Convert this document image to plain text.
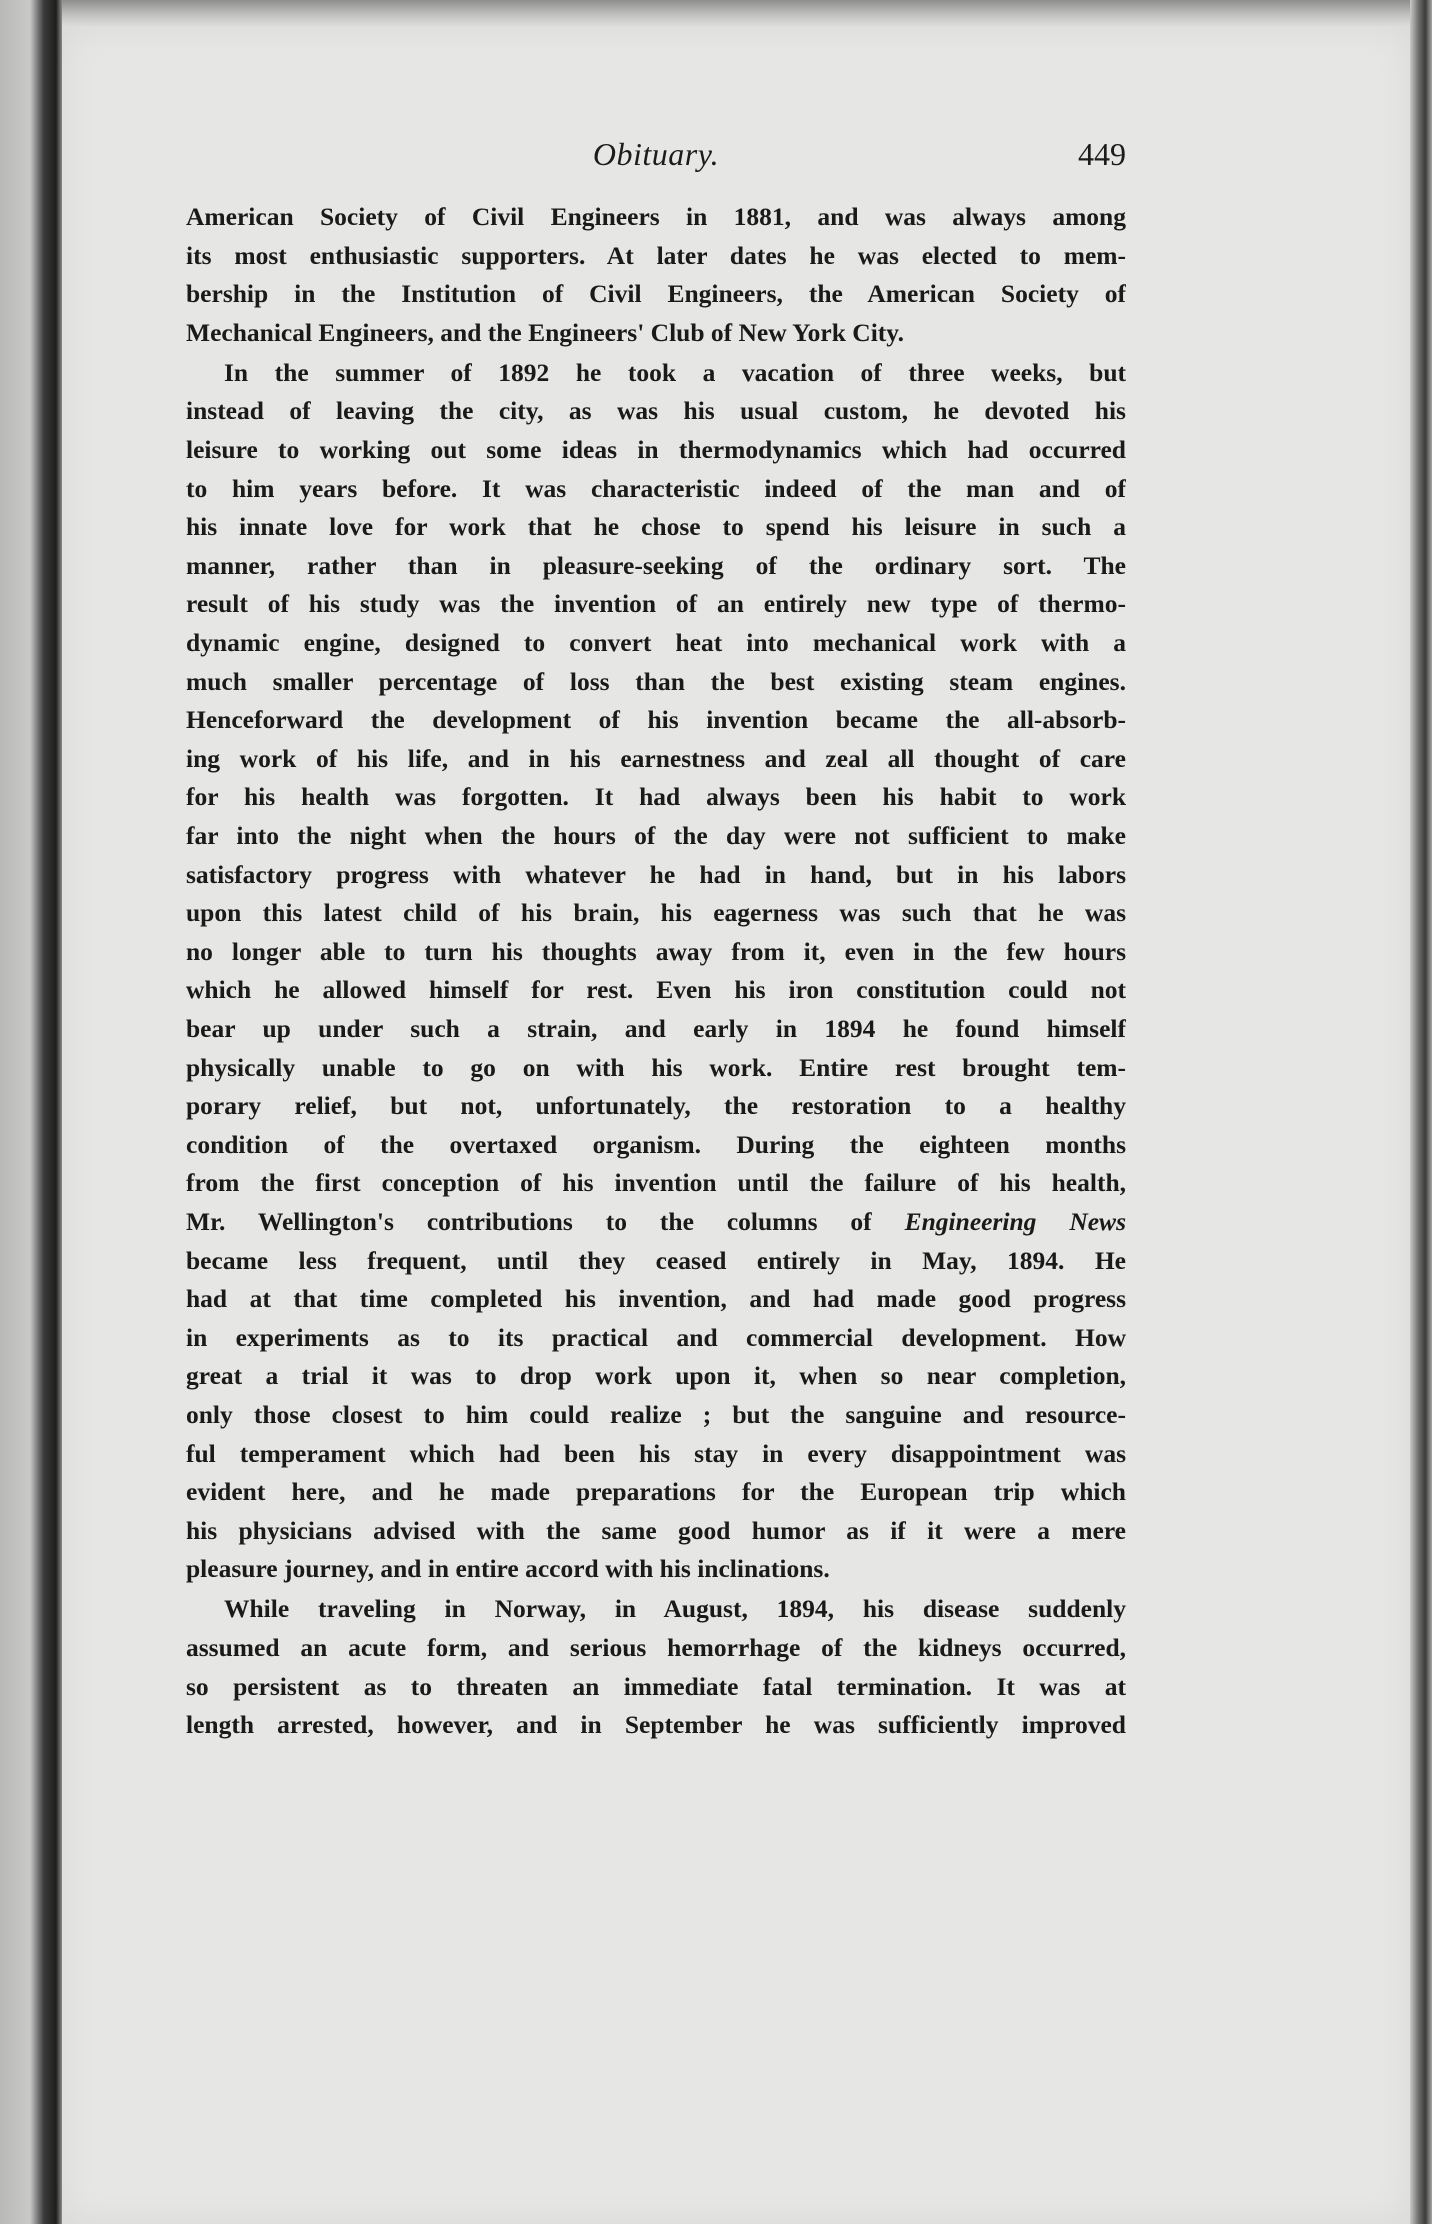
Obituary.	449
American Society of Civil Engineers in 1881, and was always among
its most enthusiastic supporters. At later dates he was elected to mem-
bership in the Institution of Civil Engineers, the American Society of
Mechanical Engineers, and the Engineers' Club of New York City.
In the summer of 1892 he took a vacation of three weeks, but
instead of leaving the city, as was his usual custom, he devoted his
leisure to working out some ideas in thermodynamics which had occurred
to him years before. It was characteristic indeed of the man and of
his innate love for work that he chose to spend his leisure in such a
manner, rather than in pleasure-seeking of the ordinary sort. The
result of his study was the invention of an entirely new type of thermo-
dynamic engine, designed to convert heat into mechanical work with a
much smaller percentage of loss than the best existing steam engines.
Henceforward the development of his invention became the all-absorb-
ing work of his life, and in his earnestness and zeal all thought of care
for his health was forgotten. It had always been his habit to work
far into the night when the hours of the day were not sufficient to make
satisfactory progress with whatever he had in hand, but in his labors
upon this latest child of his brain, his eagerness was such that he was
no longer able to turn his thoughts away from it, even in the few hours
which he allowed himself for rest. Even his iron constitution could not
bear up under such a strain, and early in 1894 he found himself
physically unable to go on with his work. Entire rest brought tem-
porary relief, but not, unfortunately, the restoration to a healthy
condition of the overtaxed organism. During the eighteen months
from the first conception of his invention until the failure of his health,
Mr. Wellington's contributions to the columns of Engineering News
became less frequent, until they ceased entirely in May, 1894. He
had at that time completed his invention, and had made good progress
in experiments as to its practical and commercial development. How
great a trial it was to drop work upon it, when so near completion,
only those closest to him could realize ; but the sanguine and resource-
ful temperament which had been his stay in every disappointment was
evident here, and he made preparations for the European trip which
his physicians advised with the same good humor as if it were a mere
pleasure journey, and in entire accord with his inclinations.
While traveling in Norway, in August, 1894, his disease suddenly
assumed an acute form, and serious hemorrhage of the kidneys occurred,
so persistent as to threaten an immediate fatal termination. It was at
length arrested, however, and in September he was sufficiently improved
